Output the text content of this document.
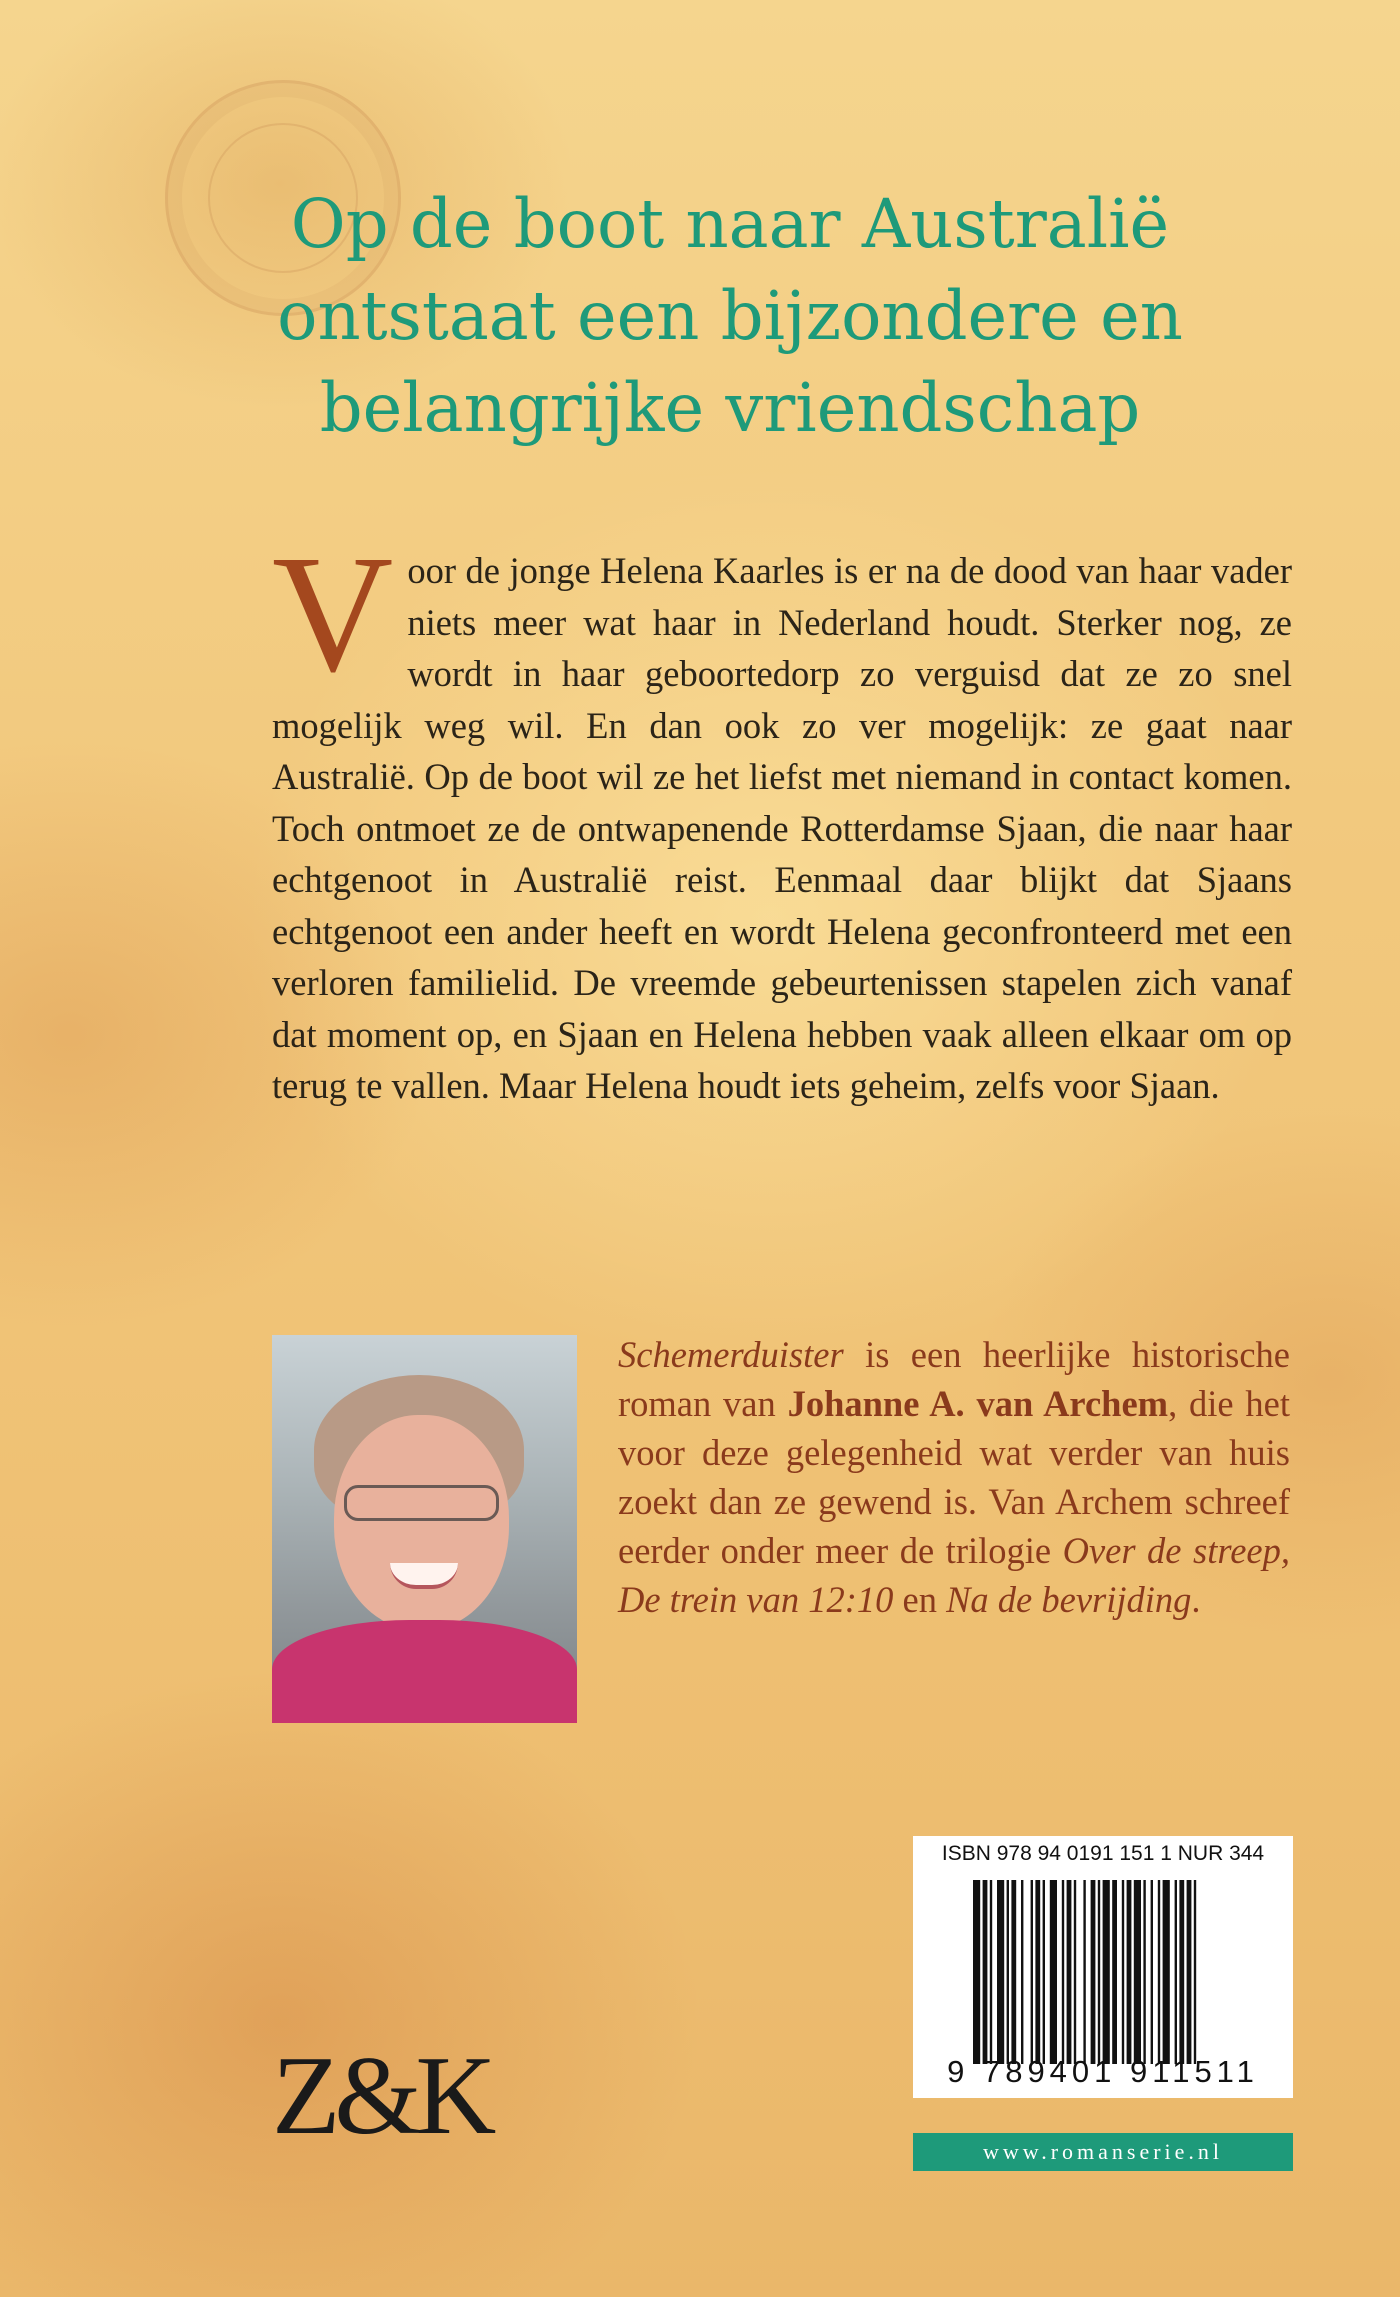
Op de boot naar Australië
ontstaat een bijzondere en
belangrijke vriendschap
V oor de jonge Helena Kaarles is er na de dood van haar vader niets meer wat haar in Nederland houdt. Sterker nog, ze wordt in haar geboortedorp zo verguisd dat ze zo snel mogelijk weg wil. En dan ook zo ver mogelijk: ze gaat naar Australië. Op de boot wil ze het liefst met niemand in contact komen. Toch ontmoet ze de ontwapenende Rotterdamse Sjaan, die naar haar echtgenoot in Australië reist. Eenmaal daar blijkt dat Sjaans echtgenoot een ander heeft en wordt Helena geconfronteerd met een verloren familielid. De vreemde gebeurtenissen stapelen zich vanaf dat moment op, en Sjaan en Helena hebben vaak alleen elkaar om op terug te vallen. Maar Helena houdt iets geheim, zelfs voor Sjaan.
Schemerduister is een heerlijke historische roman van Johanne A. van Archem, die het voor deze gelegenheid wat verder van huis zoekt dan ze gewend is. Van Archem schreef eerder onder meer de trilogie Over de streep, De trein van 12:10 en Na de bevrijding.
Z&K
ISBN 978 94 0191 151 1 NUR 344
9 789401 911511
www.romanserie.nl
